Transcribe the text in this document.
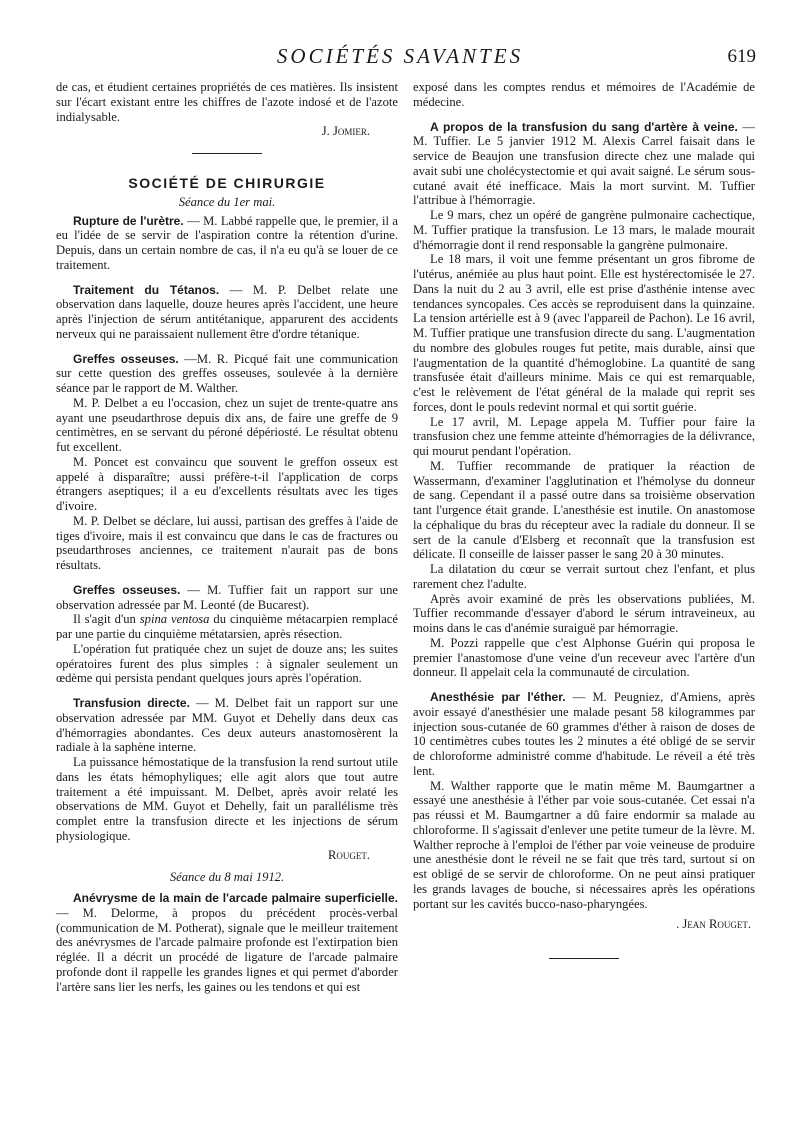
SOCIÉTÉS SAVANTES	619

de cas, et étudient certaines propriétés de ces matières. Ils insistent sur l'écart existant entre les chiffres de l'azote indosé et de l'azote indialysable.

J. Jomier.

SOCIÉTÉ DE CHIRURGIE
Séance du 1er mai.

Rupture de l'urètre. — M. Labbé rappelle que, le premier, il a eu l'idée de se servir de l'aspiration contre la rétention d'urine. Depuis, dans un certain nombre de cas, il n'a eu qu'à se louer de ce traitement.

Traitement du Tétanos. — M. P. Delbet relate une observation dans laquelle, douze heures après l'accident, une heure après l'injection de sérum antitétanique, apparurent des accidents nerveux qui ne paraissaient nullement être d'ordre tétanique.

Greffes osseuses. —M. R. Picqué fait une communication sur cette question des greffes osseuses, soulevée à la dernière séance par le rapport de M. Walther.

M. P. Delbet a eu l'occasion, chez un sujet de trente-quatre ans ayant une pseudarthrose depuis dix ans, de faire une greffe de 9 centimètres, en se servant du péroné dépériosté. Le résultat obtenu fut excellent.

M. Poncet est convaincu que souvent le greffon osseux est appelé à disparaître; aussi préfère-t-il l'application de corps étrangers aseptiques; il a eu d'excellents résultats avec les tiges d'ivoire.

M. P. Delbet se déclare, lui aussi, partisan des greffes à l'aide de tiges d'ivoire, mais il est convaincu que dans le cas de fractures ou pseudarthroses anciennes, ce traitement n'aurait pas de bons résultats.

Greffes osseuses. — M. Tuffier fait un rapport sur une observation adressée par M. Leonté (de Bucarest).

Il s'agit d'un spina ventosa du cinquième métacarpien remplacé par une partie du cinquième métatarsien, après résection.

L'opération fut pratiquée chez un sujet de douze ans; les suites opératoires furent des plus simples : à signaler seulement un œdème qui persista pendant quelques jours après l'opération.

Transfusion directe. — M. Delbet fait un rapport sur une observation adressée par MM. Guyot et Dehelly dans deux cas d'hémorragies abondantes. Ces deux auteurs anastomosèrent la radiale à la saphène interne.

La puissance hémostatique de la transfusion la rend surtout utile dans les états hémophyliques; elle agit alors que tout autre traitement a été impuissant. M. Delbet, après avoir relaté les observations de MM. Guyot et Dehelly, fait un parallélisme très complet entre la transfusion directe et les injections de sérum physiologique.

Rouget.

Séance du 8 mai 1912.

Anévrysme de la main de l'arcade palmaire superficielle. — M. Delorme, à propos du précédent procès-verbal (communication de M. Potherat), signale que le meilleur traitement des anévrysmes de l'arcade palmaire profonde est l'extirpation bien réglée. Il a décrit un procédé de ligature de l'arcade palmaire profonde dont il rappelle les grandes lignes et qui permet d'aborder l'artère sans lier les nerfs, les gaines ou les tendons et qui est

exposé dans les comptes rendus et mémoires de l'Académie de médecine.

A propos de la transfusion du sang d'artère à veine. — M. Tuffier. Le 5 janvier 1912 M. Alexis Carrel faisait dans le service de Beaujon une transfusion directe chez une malade qui avait subi une cholécystectomie et qui avait saigné. Le sérum sous-cutané avait été inefficace. Mais la mort survint. M. Tuffier l'attribue à l'hémorragie.

Le 9 mars, chez un opéré de gangrène pulmonaire cachectique, M. Tuffier pratique la transfusion. Le 13 mars, le malade mourait d'hémorragie dont il rend responsable la gangrène pulmonaire.

Le 18 mars, il voit une femme présentant un gros fibrome de l'utérus, anémiée au plus haut point. Elle est hystérectomisée le 27. Dans la nuit du 2 au 3 avril, elle est prise d'asthénie intense avec tendances syncopales. Ces accès se reproduisent dans la quinzaine. La tension artérielle est à 9 (avec l'appareil de Pachon). Le 16 avril, M. Tuffier pratique une transfusion directe du sang. L'augmentation du nombre des globules rouges fut petite, mais durable, ainsi que l'augmentation de la quantité d'hémoglobine. La quantité de sang transfusée était d'ailleurs minime. Mais ce qui est remarquable, c'est le relèvement de l'état général de la malade qui reprit ses forces, dont le pouls redevint normal et qui sortit guérie.

Le 17 avril, M. Lepage appela M. Tuffier pour faire la transfusion chez une femme atteinte d'hémorragies de la délivrance, qui mourut pendant l'opération.

M. Tuffier recommande de pratiquer la réaction de Wassermann, d'examiner l'agglutination et l'hémolyse du donneur de sang. Cependant il a passé outre dans sa troisième observation tant l'urgence était grande. L'anesthésie est inutile. On anastomose la céphalique du bras du récepteur avec la radiale du donneur. Il se sert de la canule d'Elsberg et reconnaît que la transfusion est délicate. Il conseille de laisser passer le sang 20 à 30 minutes.

La dilatation du cœur se verrait surtout chez l'enfant, et plus rarement chez l'adulte.

Après avoir examiné de près les observations publiées, M. Tuffier recommande d'essayer d'abord le sérum intraveineux, au moins dans le cas d'anémie suraiguë par hémorragie.

M. Pozzi rappelle que c'est Alphonse Guérin qui proposa le premier l'anastomose d'une veine d'un receveur avec l'artère d'un donneur. Il appelait cela la communauté de circulation.

Anesthésie par l'éther. — M. Peugniez, d'Amiens, après avoir essayé d'anesthésier une malade pesant 58 kilogrammes par injection sous-cutanée de 60 grammes d'éther à raison de doses de 10 centimètres cubes toutes les 2 minutes a été obligé de se servir de chloroforme administré comme d'habitude. Le réveil a été très lent.

M. Walther rapporte que le matin même M. Baumgartner a essayé une anesthésie à l'éther par voie sous-cutanée. Cet essai n'a pas réussi et M. Baumgartner a dû faire endormir sa malade au chloroforme. Il s'agissait d'enlever une petite tumeur de la lèvre. M. Walther reproche à l'emploi de l'éther par voie veineuse de produire une anesthésie dont le réveil ne se fait que très tard, surtout si on est obligé de se servir de chloroforme. On ne peut ainsi pratiquer les grands lavages de bouche, si nécessaires après les opérations portant sur les cavités bucco-naso-pharyngées.

. Jean Rouget.
